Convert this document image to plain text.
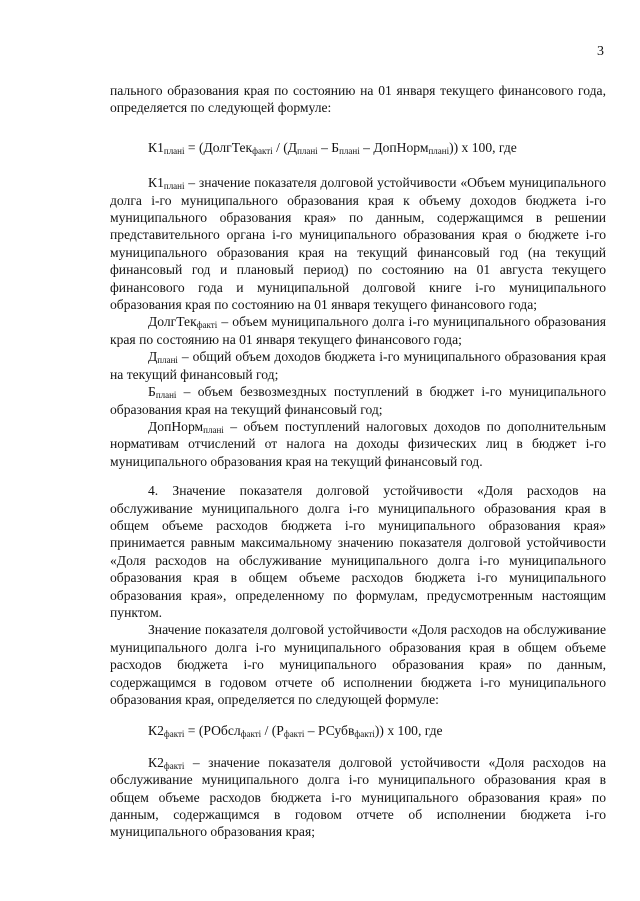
3

пального образования края по состоянию на 01 января текущего финансового года, определяется по следующей формуле:

$К1_{планi}$ = (ДолгТек$_{фактi}$ / ($Д_{планi} - Б_{планi}$ – ДопНорм$_{планi}$)) x 100, где

$К1_{планi}$ – значение показателя долговой устойчивости «Объем муниципального долга i-го муниципального образования края к объему доходов бюджета i-го муниципального образования края» по данным, содержащимся в решении представительного органа i-го муниципального образования края о бюджете i-го муниципального образования края на текущий финансовый год (на текущий финансовый год и плановый период) по состоянию на 01 августа текущего финансового года и муниципальной долговой книге i-го муниципального образования края по состоянию на 01 января текущего финансового года;

ДолгТек$_{фактi}$ – объем муниципального долга i-го муниципального образования края по состоянию на 01 января текущего финансового года;

$Д_{планi}$ – общий объем доходов бюджета i-го муниципального образования края на текущий финансовый год;

$Б_{планi}$ – объем безвозмездных поступлений в бюджет i-го муниципального образования края на текущий финансовый год;

ДопНорм$_{планi}$ – объем поступлений налоговых доходов по дополнительным нормативам отчислений от налога на доходы физических лиц в бюджет i-го муниципального образования края на текущий финансовый год.

4. Значение показателя долговой устойчивости «Доля расходов на обслуживание муниципального долга i-го муниципального образования края в общем объеме расходов бюджета i-го муниципального образования края» принимается равным максимальному значению показателя долговой устойчивости «Доля расходов на обслуживание муниципального долга i-го муниципального образования края в общем объеме расходов бюджета i-го муниципального образования края», определенному по формулам, предусмотренным настоящим пунктом.

Значение показателя долговой устойчивости «Доля расходов на обслуживание муниципального долга i-го муниципального образования края в общем объеме расходов бюджета i-го муниципального образования края» по данным, содержащимся в годовом отчете об исполнении бюджета i-го муниципального образования края, определяется по следующей формуле:

$К2_{фактi}$ = (РОбсл$_{фактi}$ / ($Р_{фактi}$ – РСубв$_{фактi}$)) x 100, где

$К2_{фактi}$ – значение показателя долговой устойчивости «Доля расходов на обслуживание муниципального долга i-го муниципального образования края в общем объеме расходов бюджета i-го муниципального образования края» по данным, содержащимся в годовом отчете об исполнении бюджета i-го муниципального образования края;
